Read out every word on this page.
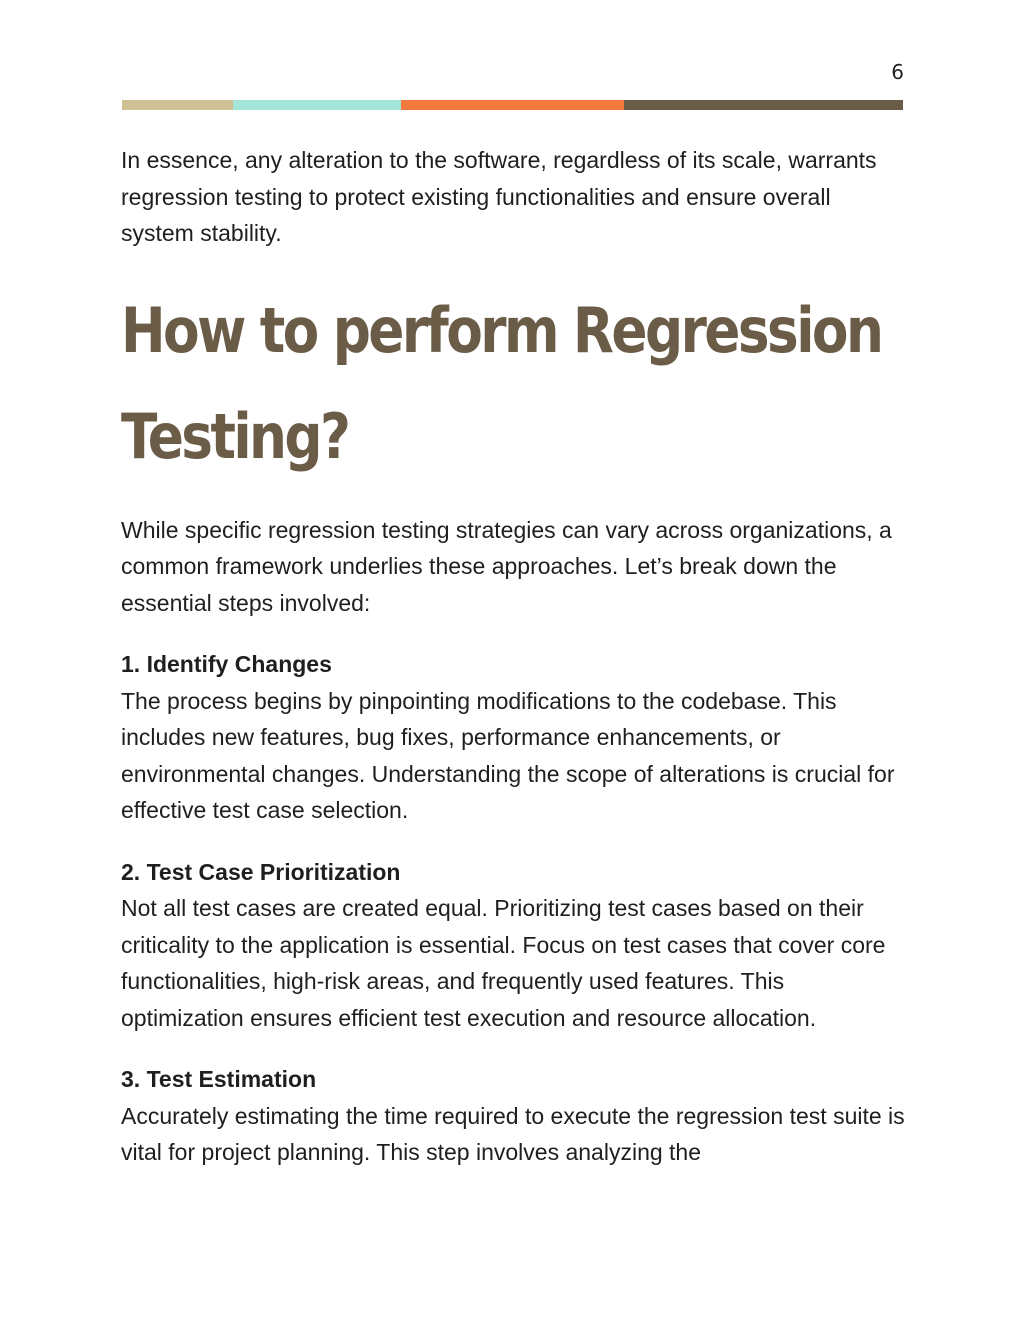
6

In essence, any alteration to the software, regardless of its scale, warrants regression testing to protect existing functionalities and ensure overall system stability.

How to perform Regression
Testing?

While specific regression testing strategies can vary across organizations, a common framework underlies these approaches. Let’s break down the essential steps involved:

1. Identify Changes

The process begins by pinpointing modifications to the codebase. This includes new features, bug fixes, performance enhancements, or environmental changes. Understanding the scope of alterations is crucial for effective test case selection.

2. Test Case Prioritization

Not all test cases are created equal. Prioritizing test cases based on their criticality to the application is essential. Focus on test cases that cover core functionalities, high-risk areas, and frequently used features. This optimization ensures efficient test execution and resource allocation.

3. Test Estimation

Accurately estimating the time required to execute the regression test suite is vital for project planning. This step involves analyzing the
